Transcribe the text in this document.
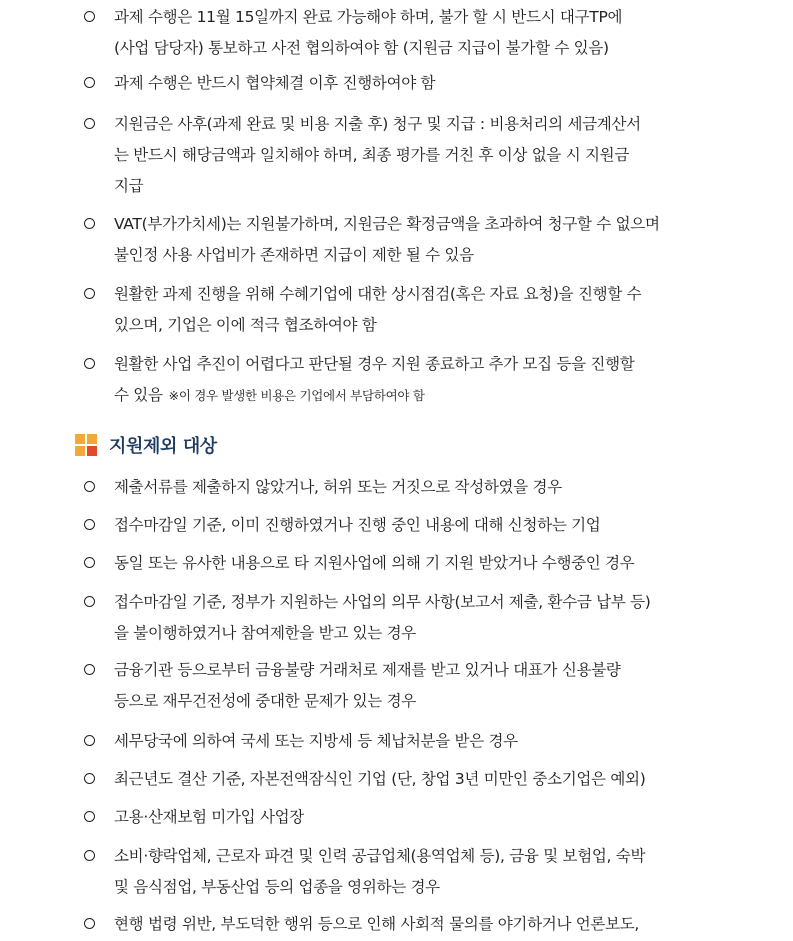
과제 수행은 11월 15일까지 완료 가능해야 하며, 불가 할 시 반드시 대구TP에
(사업 담당자) 통보하고 사전 협의하여야 함 (지원금 지급이 불가할 수 있음)
과제 수행은 반드시 협약체결 이후 진행하여야 함
지원금은 사후(과제 완료 및 비용 지출 후) 청구 및 지급 : 비용처리의 세금계산서
는 반드시 해당금액과 일치해야 하며, 최종 평가를 거친 후 이상 없을 시 지원금
지급
VAT(부가가치세)는 지원불가하며, 지원금은 확정금액을 초과하여 청구할 수 없으며
불인정 사용 사업비가 존재하면 지급이 제한 될 수 있음
원활한 과제 진행을 위해 수혜기업에 대한 상시점검(혹은 자료 요청)을 진행할 수
있으며, 기업은 이에 적극 협조하여야 함
원활한 사업 추진이 어렵다고 판단될 경우 지원 종료하고 추가 모집 등을 진행할
수 있음 ※이 경우 발생한 비용은 기업에서 부담하여야 함
지원제외 대상
제출서류를 제출하지 않았거나, 허위 또는 거짓으로 작성하였을 경우
접수마감일 기준, 이미 진행하였거나 진행 중인 내용에 대해 신청하는 기업
동일 또는 유사한 내용으로 타 지원사업에 의해 기 지원 받았거나 수행중인 경우
접수마감일 기준, 정부가 지원하는 사업의 의무 사항(보고서 제출, 환수금 납부 등)
을 불이행하였거나 참여제한을 받고 있는 경우
금융기관 등으로부터 금융불량 거래처로 제재를 받고 있거나 대표가 신용불량
등으로 재무건전성에 중대한 문제가 있는 경우
세무당국에 의하여 국세 또는 지방세 등 체납처분을 받은 경우
최근년도 결산 기준, 자본전액잠식인 기업 (단, 창업 3년 미만인 중소기업은 예외)
고용·산재보험 미가입 사업장
소비·향락업체, 근로자 파견 및 인력 공급업체(용역업체 등), 금융 및 보험업, 숙박
및 음식점업, 부동산업 등의 업종을 영위하는 경우
현행 법령 위반, 부도덕한 행위 등으로 인해 사회적 물의를 야기하거나 언론보도,
